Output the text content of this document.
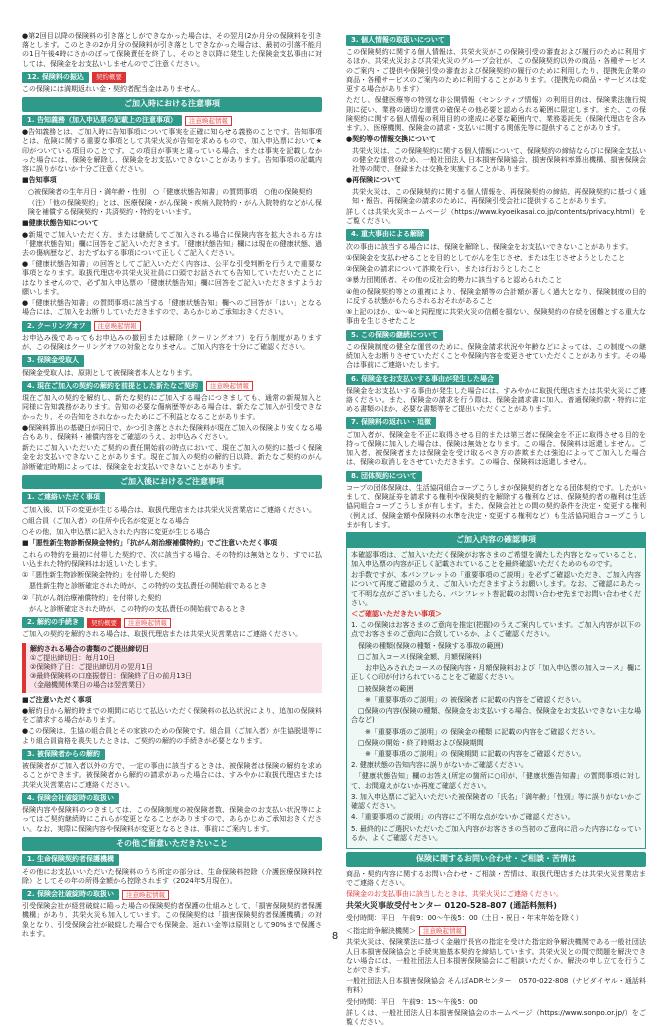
●第2回目以降の保険料の引き落としができなかった場合は、その翌月(2か月分の保険料を引き落とします。このときの2か月分の保険料が引き落としできなかった場合は、最初の引落不能月の1日午後4時にさかのぼって保険責任を終了し、そのとき以降に発生した保険金支払事由に対しては、保険金をお支払いしませんのでご注意ください。

12. 保険料の振込	契約概要

この保険には満期返れい金・契約者配当金はありません。

ご加入時における注意事項
1. 告知義務（加入申込票の記載上の注意事項）	注意喚起情報

●告知義務とは、ご加入時に告知事項について事実を正確に知らせる義務のことです。告知事項とは、危険に関する重要な事項として共栄火災が告知を求めるもので、加入申込票において★印がついている項目のことです。この項目が事実と違っている場合、または事実を記載しなかった場合には、保険を解除し、保険金をお支払いできないことがあります。告知事項の記載内容に誤りがないか十分ご注意ください。

■告知事項

○被保険者の生年月日・満年齢・性別　○「健康状態告知書」の質問事項　○他の保険契約

（注）「他の保険契約」とは、医療保険・がん保険・疾病入院特約・がん入院特約などがん保険を補償する保険契約・共済契約・特約をいいます。

■健康状態告知について

●新規でご加入いただく方、または継続してご加入される場合に保険内容を拡大される方は「健康状態告知」欄に回答をご記入いただきます。「健康状態告知」欄には現在の健康状態、過去の傷病歴など、おたずねする事項について正しくご記入ください。

●「健康状態告知書」の回答としてご記入いただく内容は、公平な引受判断を行うえで重要な事項となります。取扱代理店や共栄火災社員に口頭でお話されても告知していただいたことにはなりませんので、必ず加入申込票の「健康状態告知」欄に回答をご記入いただきますようお願いします。

●「健康状態告知書」の質問事項に該当する「健康状態告知」欄へのご回答が「はい」となる場合には、ご加入をお断りしていただきますので、あらかじめご承知おきください。

2. クーリングオフ	注意喚起情報

お申込み後であってもお申込みの撤回または解除（クーリングオフ）を行う制度がありますが、この保険はクーリングオフの対象となりません。ご加入内容を十分にご確認ください。

3. 保険金受取人

保険金受取人は、原則として被保険者本人となります。

4. 現在ご加入の契約の解約を前提とした新たなご契約	注意喚起情報

現在ご加入の契約を解約し、新たな契約にご加入する場合につきましても、通常の新規加入と同様に告知義務があります。告知の必要な傷病歴等がある場合は、新たなご加入が引受できなかったり、その告知をされなかったためにご不利益となることがあります。

●保険料算出の基礎日が同日で、かつ引き落とされた保険料が現在ご加入の保険より安くなる場合もあり、保険料・補償内容をご確認のうえ、お申込みください。

新たにご加入いただいたご契約の責任開始前の時点において、現在ご加入の契約に基づく保険金をお支払いできないことがあります。現在ご加入の契約の解約日以降、新たなご契約のがん診断確定時期によっては、保険金をお支払いできないことがあります。

ご加入後におけるご注意事項
1. ご連絡いただく事項

ご加入後、以下の変更が生じる場合は、取扱代理店または共栄火災営業店にご連絡ください。

○組合員（ご加入者）の住所や氏名が変更となる場合

○その他、加入申込票に記入された内容に変更が生じる場合

■「悪性新生物診断保険金特約」「抗がん剤治療補償特約」でご注意いただく事項

これらの特約を最初に付帯した契約で、次に該当する場合、その特約は無効となり、すでに払い込まれた特約保険料はお返しいたします。

①「悪性新生物診断保険金特約」を付帯した契約

　悪性新生物と診断確定された時が、この特約の支払責任の開始前であるとき

②「抗がん剤治療補償特約」を付帯した契約

　がんと診断確定された時が、この特約の支払責任の開始前であるとき

2. 解約の手続き	契約概要	注意喚起情報

ご加入の契約を解約される場合は、取扱代理店または共栄火災営業店にご連絡ください。

解約される場合の書類のご提出締切日
①ご提出締切日：毎月10日
②保険終了日：ご提出締切月の翌月1日
③最終保険料の口座振替日：保険終了日の前月13日
（金融機関休業日の場合は翌営業日）

■ご注意いただく事項

●解約日から解約時までの期間に応じて払込いただく保険料の払込状況により、追加の保険料をご請求する場合があります。

●この保険は、生協の組合員とその家族のための保険です。組合員（ご加入者）が生協脱退等により組合員資格を喪失したときは、ご契約の解約の手続きが必要となります。

3. 被保険者からの解約

被保険者がご加入者以外の方で、一定の事由に該当するときは、被保険者は保険の解約を求めることができます。被保険者から解約の請求があった場合には、すみやかに取扱代理店または共栄火災営業店にご連絡ください。

4. 保険会社破綻時の取扱い

保険内容や保険料のつきましては、この保険制度の被保険者数、保険金のお支払い状況等によってはご契約継続時にこれらが変更となることがありますので、あらかじめご承知おきください。なお、実際に保険内容や保険料が変更となるときは、事前にご案内します。

その他ご留意いただきたいこと
1. 生命保険契約者保護機構

その他にお支払いいただいた保険料のうち所定の部分は、生命保険料控除（介護医療保険料控除）としてその年の所得金額から控除されます（2024年5月現在）。

2. 保険会社破綻時の取扱い	注意喚起情報

引受保険会社が経営破綻に陥った場合の保険契約者保護の仕組みとして、「損害保険契約者保護機構」があり、共栄火災も加入しています。この保険契約は「損害保険契約者保護機構」の対象となり、引受保険会社が破綻した場合でも保険金、返れい金等は原則として90%まで保護されます。

3. 個人情報の取扱いについて

この保険契約に関する個人情報は、共栄火災がこの保険引受の審査および履行のために利用するほか、共栄火災および共栄火災のグループ会社が、この保険契約以外の商品・各種サービスのご案内・ご提供や保険引受の審査および保険契約の履行のために利用したり、提携先企業の商品・各種サービスのご案内のために利用することがあります。（提携先の商品・サービスは変更する場合があります）

ただし、保健医療等の特別な非公開情報（センシティブ情報）の利用目的は、保険業法施行規則に従い、業務の適切な運営の確保その他必要と認められる範囲に限定します。また、この保険契約に関する個人情報の利用目的の達成に必要な範囲内で、業務委託先（保険代理店を含みます。）、医療機関、保険金の請求・支払いに関する関係先等に提供することがあります。

●契約等の情報交換について

共栄火災は、この保険契約に関する個人情報について、保険契約の締結ならびに保険金支払いの健全な運営のため、一般社団法人 日本損害保険協会、損害保険料率算出機構、損害保険会社等の間で、登録または交換を実施することがあります。

●再保険について

共栄火災は、この保険契約に関する個人情報を、再保険契約の締結、再保険契約に基づく通知・報告、再保険金の請求のために、再保険引受会社に提供することがあります。

詳しくは共栄火災ホームページ（https://www.kyoeikasai.co.jp/contents/privacy.html）をご覧ください。

4. 重大事由による解除

次の事由に該当する場合には、保険を解除し、保険金をお支払いできないことがあります。

①保険金を支払わせることを目的としてがんを生じさせ、または生じさせようとしたこと

②保険金の請求について詐欺を行い、または行おうとしたこと

③暴力団関係者、その他の反社会的勢力に該当すると認められたこと

④他の保険契約等との重複により、保険金額等の合計額が著しく過大となり、保険制度の目的に反する状態がもたらされるおそれがあること

⑤上記のほか、①～④と同程度に共栄火災の信頼を損ない、保険契約の存続を困難とする重大な事由を生じさせたこと

5. この保険の継続について

この保険制度の健全な運営のために、保険金請求状況や年齢などによっては、この制度への継続加入をお断りさせていただくことや保険内容を変更させていただくことがあります。その場合は事前にご連絡いたします。

6. 保険金をお支払いする事由が発生した場合

保険金をお支払いする事由が発生した場合には、すみやかに取扱代理店または共栄火災にご連絡ください。また、保険金の請求を行う際は、保険金請求書に加入、普通保険約款・特約に定める書類のほか、必要な書類等をご提出いただくことがあります。

7. 保険料の返れい・追徴

ご加入者が、保険金を不正に取得させる目的または第三者に保険金を不正に取得させる目的を持って保険に加入した場合は、保険は無効となります。この場合、保険料は返還しません。ご加入者、被保険者または保険金を受け取るべき方の詐欺または強迫によってご加入した場合は、保険の取消しをさせていただきます。この場合、保険料は返還しません。

8. 団体契約について

コープの団体保険は、生活協同組合コープこうしまが保険契約者となる団体契約です。したがいまして、保険証券を請求する権利や保険契約を解除する権利などは、保険契約者の権利は生活協同組合コープこうしまが有します。また、保険会社との間の契約条件を決定・変更する権利（例えば、保険金額や保険料の水準を決定・変更する権利など）も生活協同組合コープこうしまが有します。

ご加入内容の確認事項

本確認事項は、ご加入いただく保険がお客さまのご希望を満たした内容となっていること、加入申込票の内容が正しく記載されていることを最終確認いただくためのものです。

お手数ですが、本パンフレットの「重要事項のご説明」を必ずご確認いただき、ご加入内容について再度ご確認のうえ、ご加入いただきますようお願いします。なお、ご確認にあたって不明な点がございましたら、パンフレット巻記載のお問い合わせ先までお問い合わせください。

＜ご確認いただきたい事項＞

1. この保険はお客さまのご意向を推定(把握)のうえご案内しています。ご加入内容が以下の点でお客さまのご意向に合致しているか、よくご確認ください。

　保険の種類(保険の種類・保険する事故の範囲)

　□ご加入コース(保険金額、月額保険料)

　　お申込みされたコースの保険内容・月額保険料および「加入申込票の加入コース」欄に正しく○印が付けられていることをご確認ください。

　□被保険者の範囲

　　※「重要事項のご説明」の 被保険者 に記載の内容をご確認ください。

　□保険の内容(保険の種類、保険金をお支払いする場合、保険金をお支払いできない主な場合など)

　　※「重要事項のご説明」の 保険金の種類 に記載の内容をご確認ください。

　□保険の開始・終了時期および保険期間

　　※「重要事項のご説明」の 保険期間 に記載の内容をご確認ください。

2. 健康状態の告知内容に誤りがないかご確認ください。

　「健康状態告知」欄のお答え(所定の箇所に○印が、「健康状態告知書」の質問事項に対して、お間違えがないか再度ご確認ください。

3. 加入申込票にご記入いただいた被保険者の「氏名」「満年齢」「性別」等に誤りがないかご確認ください。

4.「重要事項のご説明」の内容にご不明な点がないかご確認ください。

5. 最終的にご選択いただいたご加入内容がお客さまの当初のご意向に沿った内容になっているか、よくご確認ください。

保険に関するお問い合わせ・ご相談・苦情は

商品・契約内容に関するお問い合わせ・ご相談・苦情は、取扱代理店または共栄火災営業店までご連絡ください。

保険金のお支払事由に該当したときは、共栄火災にご連絡ください。

共栄火災事故受付センター 0120-528-807 (通話料無料)

受付時間：平日　午前9：00～午後5：00（土日・祝日・年末年始を除く）

＜指定紛争解決機関＞	注意喚起情報

共栄火災は、保険業法に基づく金融庁長官の指定を受けた指定紛争解決機関である一般社団法人日本損害保険協会と手続実施基本契約を締結しています。共栄火災との間で問題を解決できない場合には、一般社団法人日本損害保険協会にご相談いただくか、解決の申し立てを行うことができます。

一般社団法人日本損害保険協会 そんぽADRセンター　0570-022-808（ナビダイヤル・通話料有料）

受付時間：平日　午前9：15～午後5：00

詳しくは、一般社団法人日本損害保険協会のホームページ（https://www.sonpo.or.jp/）をご覧ください。

8
